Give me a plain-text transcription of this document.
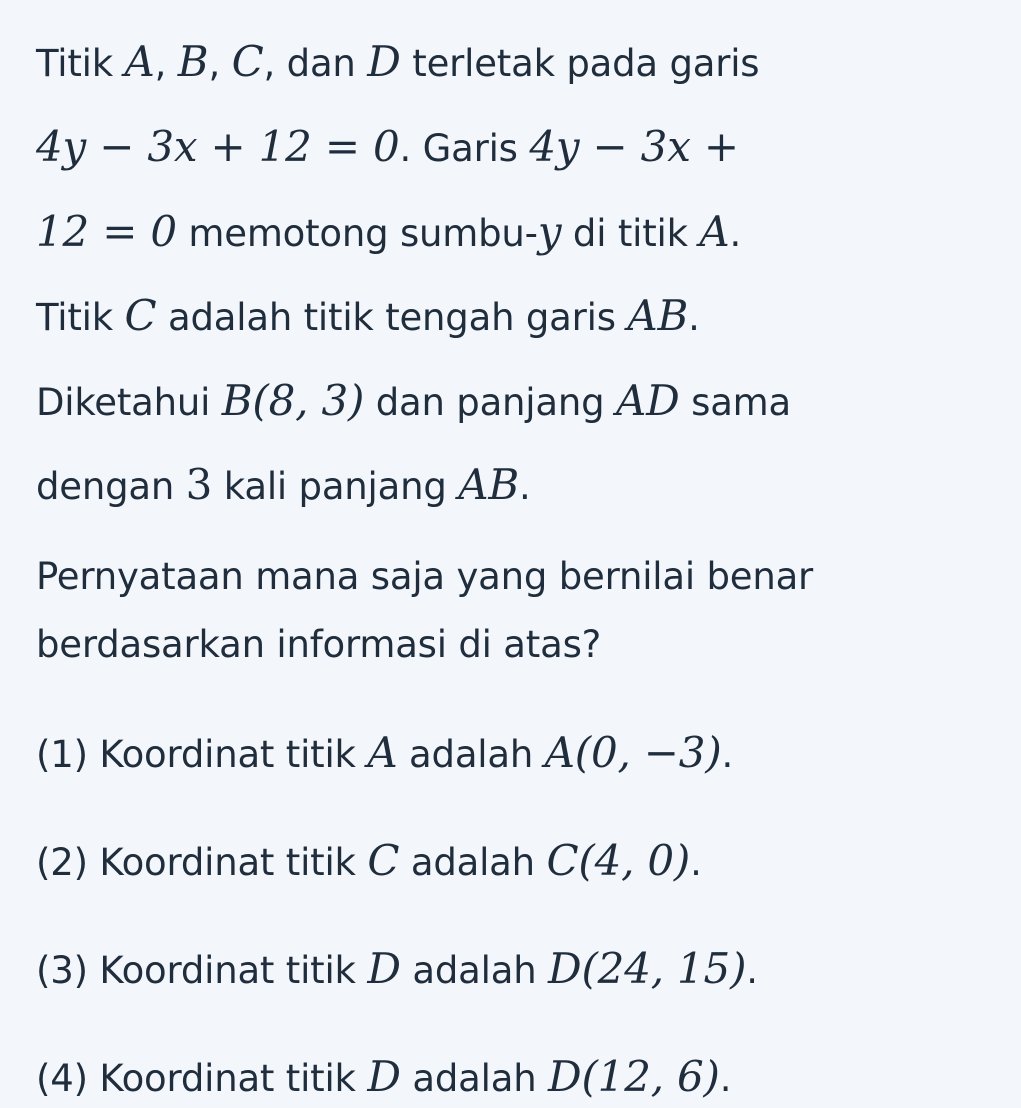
Titik A, B, C, dan D terletak pada garis
4y − 3x + 12 = 0. Garis 4y − 3x +
12 = 0 memotong sumbu-y di titik A.
Titik C adalah titik tengah garis AB.
Diketahui B(8, 3) dan panjang AD sama
dengan 3 kali panjang AB.
Pernyataan mana saja yang bernilai benar
berdasarkan informasi di atas?
(1) Koordinat titik A adalah A(0, −3).
(2) Koordinat titik C adalah C(4, 0).
(3) Koordinat titik D adalah D(24, 15).
(4) Koordinat titik D adalah D(12, 6).
